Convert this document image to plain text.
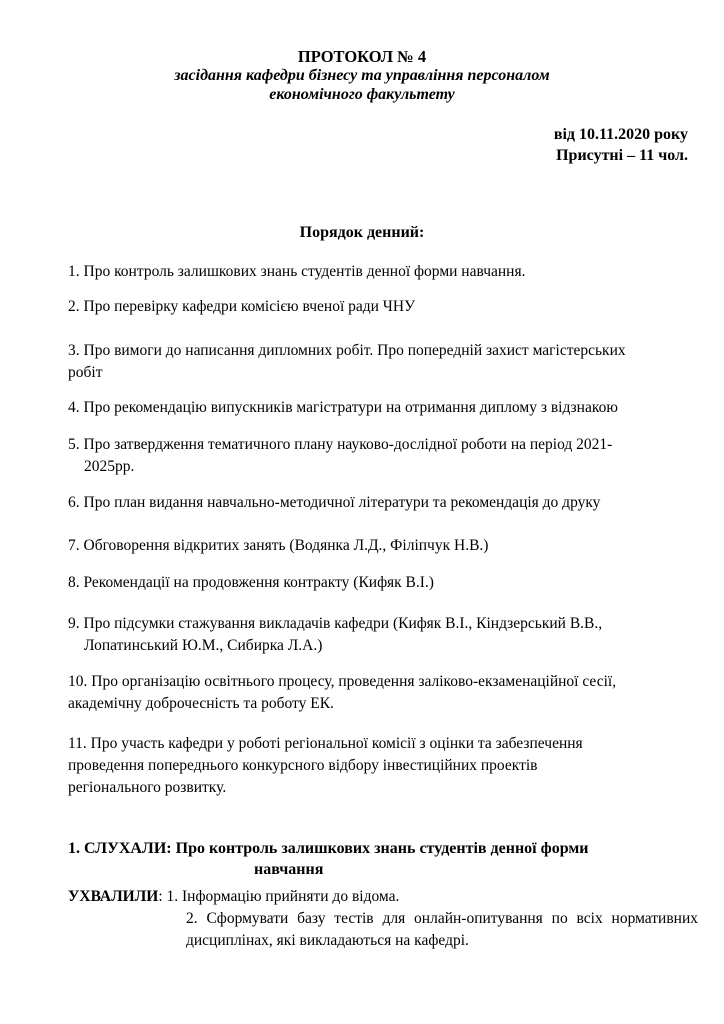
ПРОТОКОЛ № 4
засідання кафедри бізнесу та управління персоналом
економічного факультету
від 10.11.2020 року
Присутні – 11 чол.
Порядок денний:
1. Про контроль залишкових знань студентів денної форми навчання.
2. Про перевірку кафедри комісією вченої ради ЧНУ
3. Про вимоги до написання дипломних робіт. Про попередній захист магістерських
робіт
4. Про рекомендацію випускників магістратури на отримання диплому з відзнакою
5. Про затвердження тематичного плану науково-дослідної роботи на період 2021-
2025рр.
6. Про план видання навчально-методичної літератури та рекомендація до друку
7. Обговорення відкритих занять (Водянка Л.Д., Філіпчук Н.В.)
8. Рекомендації на продовження контракту (Кифяк В.І.)
9. Про підсумки стажування викладачів кафедри (Кифяк В.І., Кіндзерський В.В.,
Лопатинський Ю.М., Сибирка Л.А.)
10. Про організацію освітнього процесу, проведення заліково-екзаменаційної сесії,
академічну доброчесність та роботу ЕК.
11. Про участь кафедри у роботі регіональної комісії з оцінки та забезпечення
проведення попереднього конкурсного відбору інвестиційних проектів
регіонального розвитку.
1. СЛУХАЛИ: Про контроль залишкових знань студентів денної форми
навчання
УХВАЛИЛИ: 1. Інформацію прийняти до відома.
2. Сформувати базу тестів для онлайн-опитування по всіх нормативних дисциплінах, які викладаються на кафедрі.
